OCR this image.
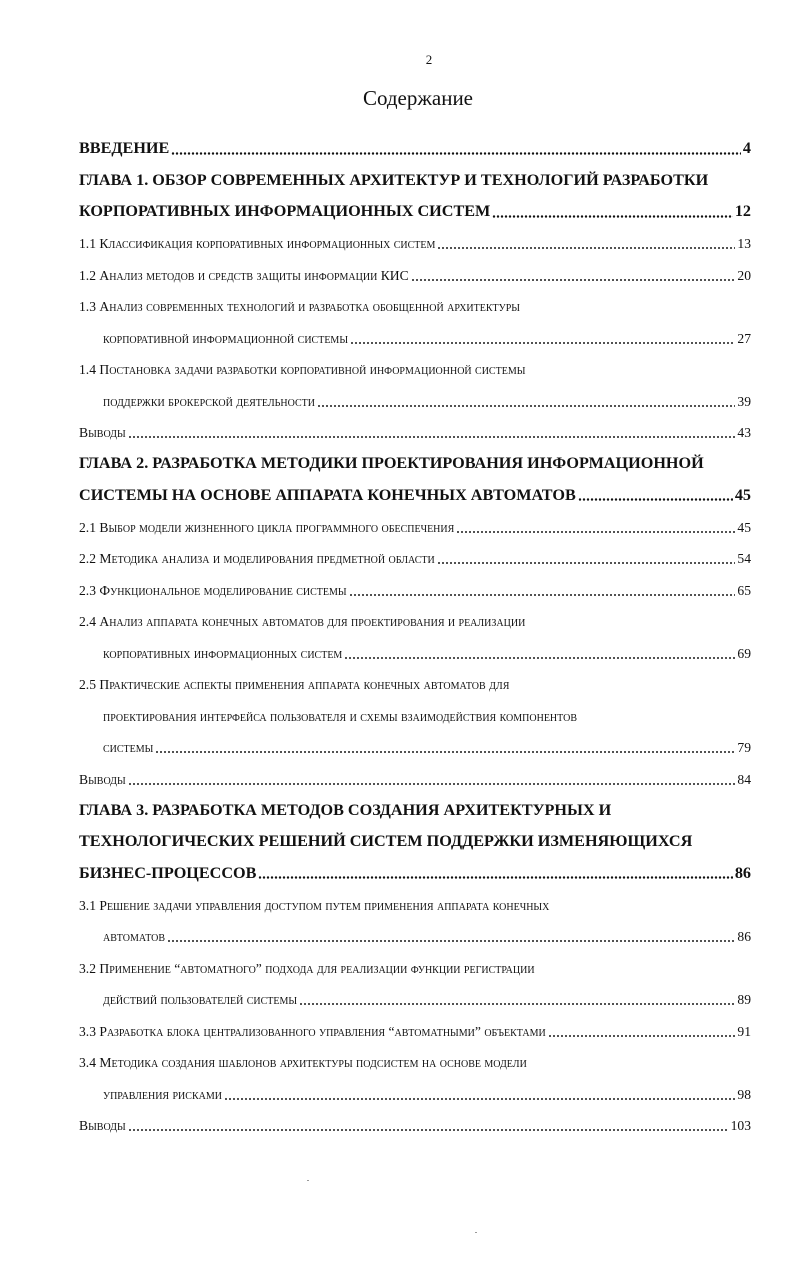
2
Содержание
ВВЕДЕНИЕ	4
ГЛАВА 1. ОБЗОР СОВРЕМЕННЫХ АРХИТЕКТУР И ТЕХНОЛОГИЙ РАЗРАБОТКИ
КОРПОРАТИВНЫХ ИНФОРМАЦИОННЫХ СИСТЕМ	12
1.1 Классификация корпоративных информационных систем	13
1.2 Анализ методов и средств защиты информации КИС	20
1.3 Анализ современных технологий и разработка обобщенной архитектуры
корпоративной информационной системы	27
1.4 Постановка задачи разработки корпоративной информационной системы
поддержки брокерской деятельности	39
Выводы	43
ГЛАВА 2. РАЗРАБОТКА МЕТОДИКИ ПРОЕКТИРОВАНИЯ ИНФОРМАЦИОННОЙ
СИСТЕМЫ НА ОСНОВЕ АППАРАТА КОНЕЧНЫХ АВТОМАТОВ	45
2.1 Выбор модели жизненного цикла программного обеспечения	45
2.2 Методика анализа и моделирования предметной области	54
2.3 Функциональное моделирование системы	65
2.4 Анализ аппарата конечных автоматов для проектирования и реализации
корпоративных информационных систем	69
2.5 Практические аспекты применения аппарата конечных автоматов для
проектирования интерфейса пользователя и схемы взаимодействия компонентов
системы	79
Выводы	84
ГЛАВА 3. РАЗРАБОТКА МЕТОДОВ СОЗДАНИЯ АРХИТЕКТУРНЫХ И
ТЕХНОЛОГИЧЕСКИХ РЕШЕНИЙ СИСТЕМ ПОДДЕРЖКИ ИЗМЕНЯЮЩИХСЯ
БИЗНЕС-ПРОЦЕССОВ	86
3.1 Решение задачи управления доступом путем применения аппарата конечных
автоматов	86
3.2 Применение “автоматного” подхода для реализации функции регистрации
действий пользователей системы	89
3.3 Разработка блока централизованного управления “автоматными” объектами	91
3.4 Методика создания шаблонов архитектуры подсистем на основе модели
управления рисками	98
Выводы	103
